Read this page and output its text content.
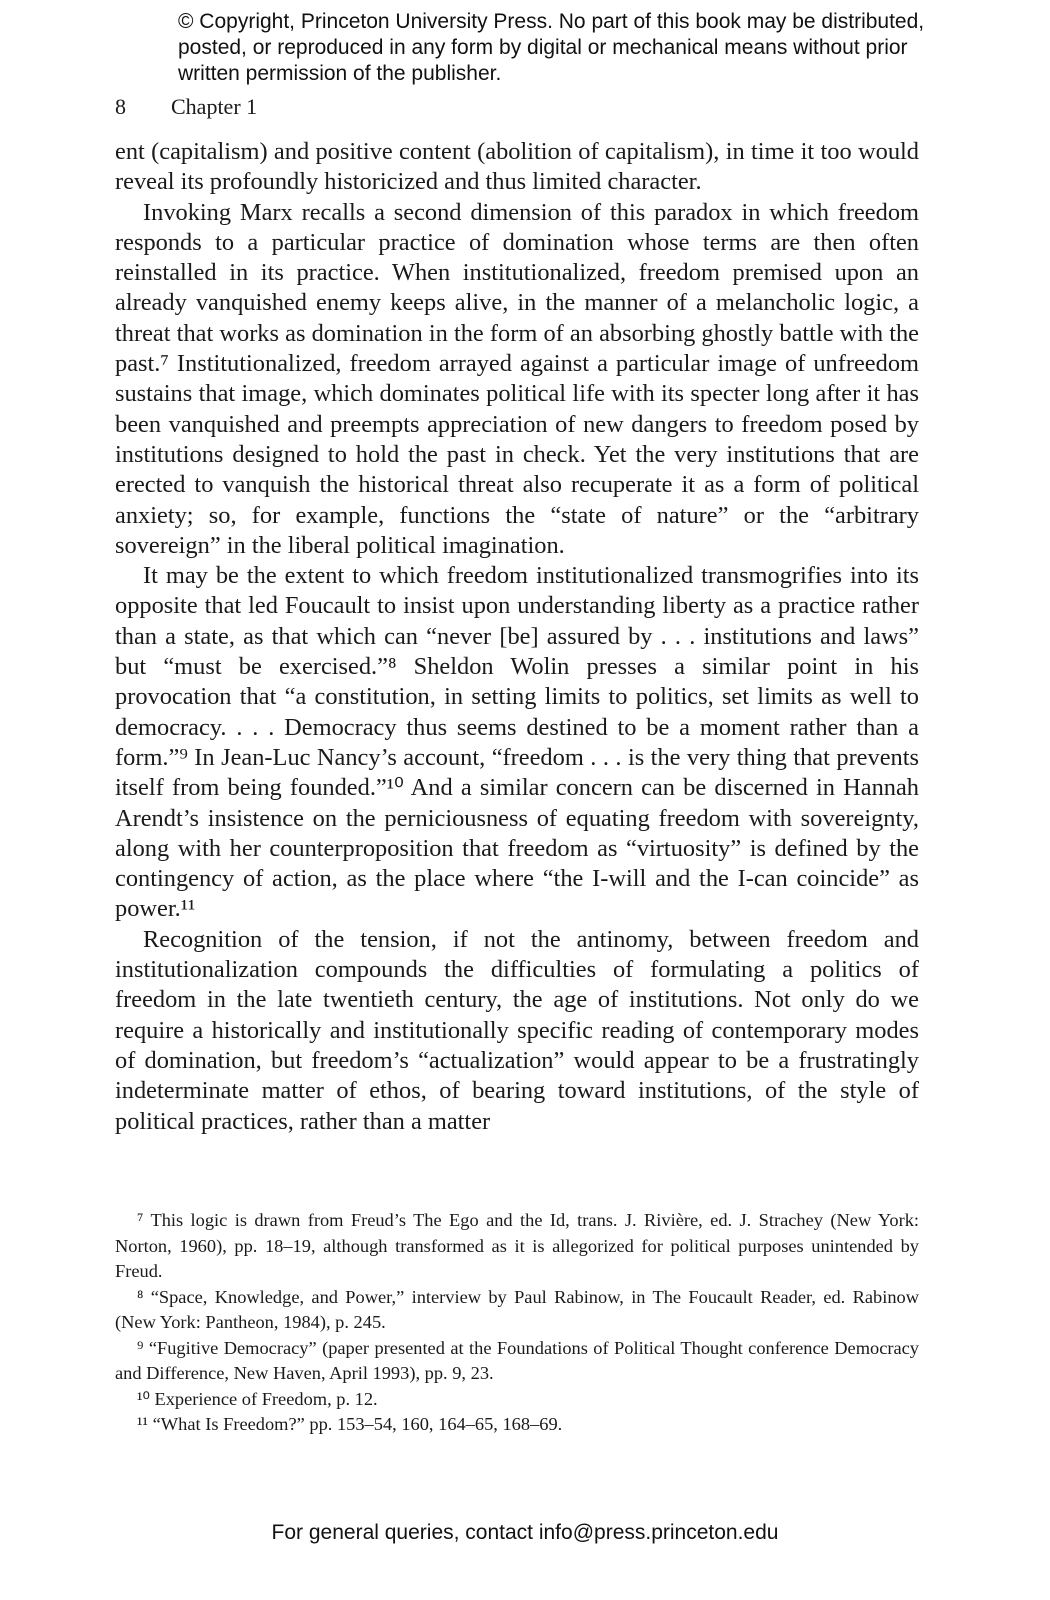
© Copyright, Princeton University Press. No part of this book may be distributed, posted, or reproduced in any form by digital or mechanical means without prior written permission of the publisher.
8 Chapter 1

ent (capitalism) and positive content (abolition of capitalism), in time it too would reveal its profoundly historicized and thus limited character.

Invoking Marx recalls a second dimension of this paradox in which freedom responds to a particular practice of domination whose terms are then often reinstalled in its practice. When institutionalized, freedom premised upon an already vanquished enemy keeps alive, in the manner of a melancholic logic, a threat that works as domination in the form of an absorbing ghostly battle with the past.⁷ Institutionalized, freedom arrayed against a particular image of unfreedom sustains that image, which dominates political life with its specter long after it has been vanquished and preempts appreciation of new dangers to freedom posed by institutions designed to hold the past in check. Yet the very institutions that are erected to vanquish the historical threat also recuperate it as a form of political anxiety; so, for example, functions the “state of nature” or the “arbitrary sovereign” in the liberal political imagination.

It may be the extent to which freedom institutionalized transmogrifies into its opposite that led Foucault to insist upon understanding liberty as a practice rather than a state, as that which can “never [be] assured by . . . institutions and laws” but “must be exercised.”⁸ Sheldon Wolin presses a similar point in his provocation that “a constitution, in setting limits to politics, set limits as well to democracy. . . . Democracy thus seems destined to be a moment rather than a form.”⁹ In Jean-Luc Nancy’s account, “freedom . . . is the very thing that prevents itself from being founded.”¹⁰ And a similar concern can be discerned in Hannah Arendt’s insistence on the perniciousness of equating freedom with sovereignty, along with her counterproposition that freedom as “virtuosity” is defined by the contingency of action, as the place where “the I-will and the I-can coincide” as power.¹¹

Recognition of the tension, if not the antinomy, between freedom and institutionalization compounds the difficulties of formulating a politics of freedom in the late twentieth century, the age of institutions. Not only do we require a historically and institutionally specific reading of contemporary modes of domination, but freedom’s “actualization” would appear to be a frustratingly indeterminate matter of ethos, of bearing toward institutions, of the style of political practices, rather than a matter

⁷ This logic is drawn from Freud’s The Ego and the Id, trans. J. Rivière, ed. J. Strachey (New York: Norton, 1960), pp. 18–19, although transformed as it is allegorized for political purposes unintended by Freud.

⁸ “Space, Knowledge, and Power,” interview by Paul Rabinow, in The Foucault Reader, ed. Rabinow (New York: Pantheon, 1984), p. 245.

⁹ “Fugitive Democracy” (paper presented at the Foundations of Political Thought conference Democracy and Difference, New Haven, April 1993), pp. 9, 23.

¹⁰ Experience of Freedom, p. 12.

¹¹ “What Is Freedom?” pp. 153–54, 160, 164–65, 168–69.

For general queries, contact info@press.princeton.edu
